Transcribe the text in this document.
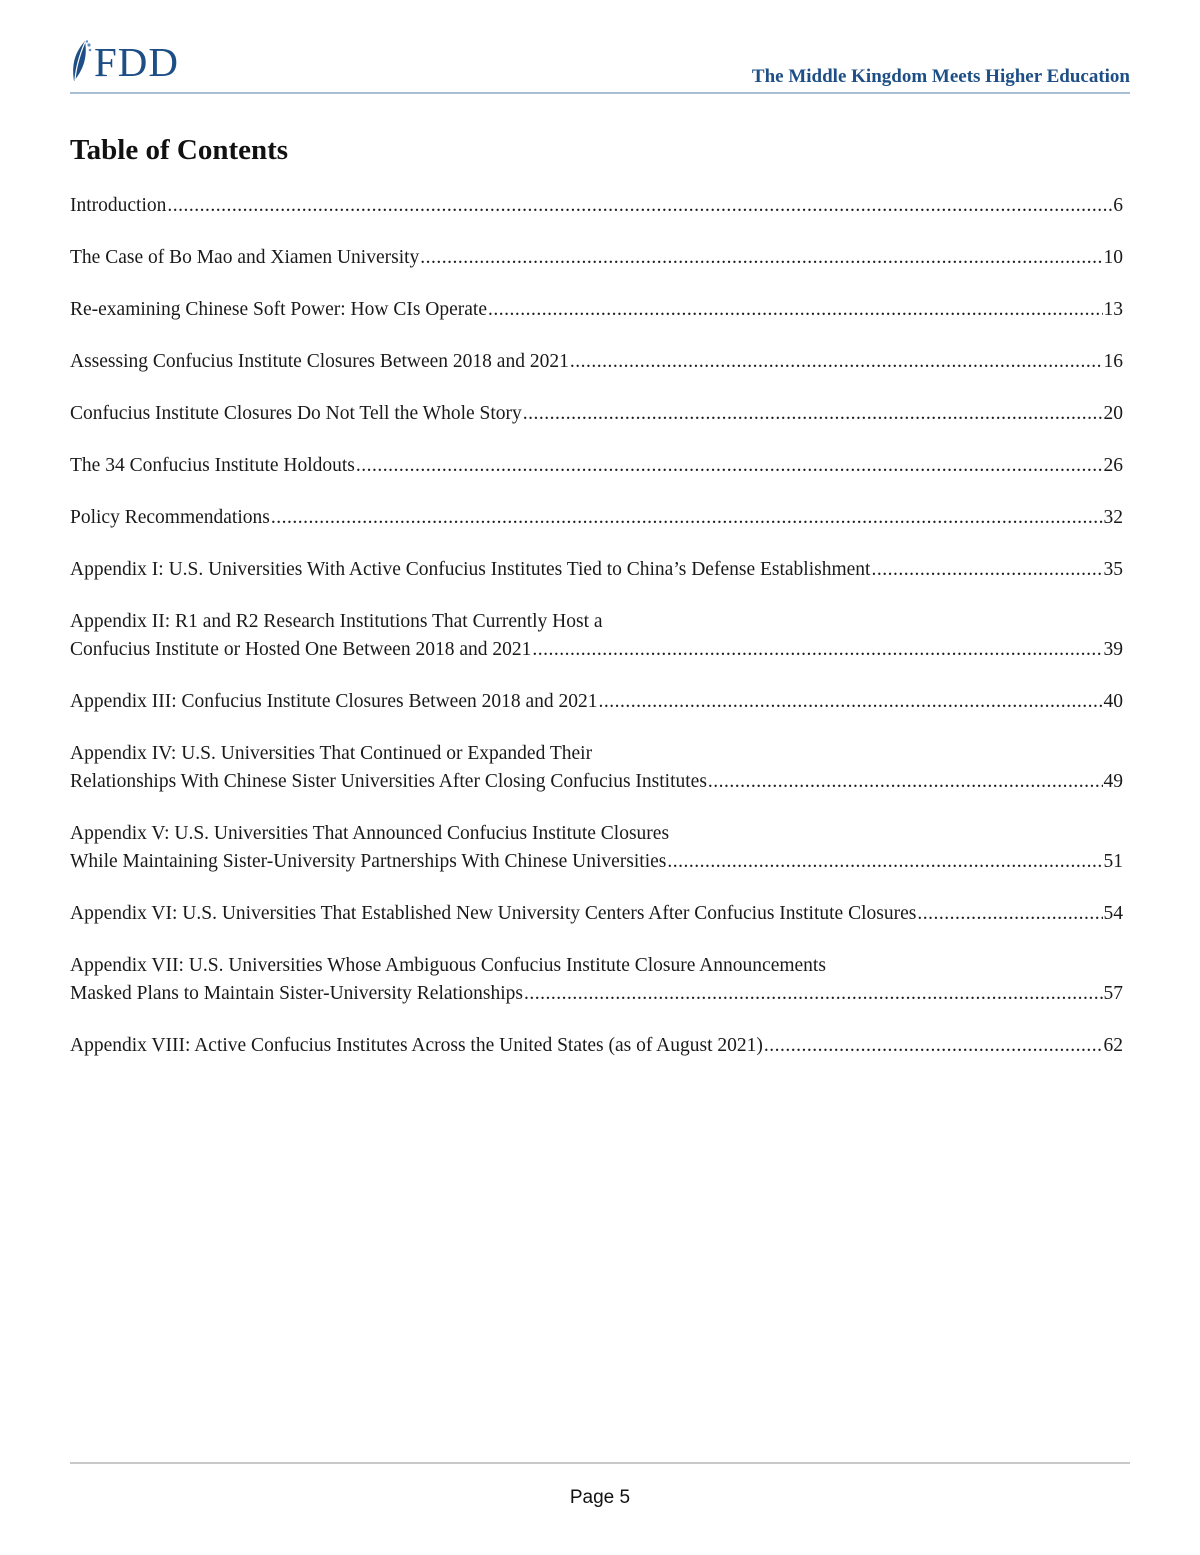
FDD	The Middle Kingdom Meets Higher Education
Table of Contents
Introduction .....	6
The Case of Bo Mao and Xiamen University .....	10
Re-examining Chinese Soft Power: How CIs Operate .....	13
Assessing Confucius Institute Closures Between 2018 and 2021 .....	16
Confucius Institute Closures Do Not Tell the Whole Story .....	20
The 34 Confucius Institute Holdouts .....	26
Policy Recommendations .....	32
Appendix I: U.S. Universities With Active Confucius Institutes Tied to China’s Defense Establishment .....	35
Appendix II: R1 and R2 Research Institutions That Currently Host a
Confucius Institute or Hosted One Between 2018 and 2021 .....	39
Appendix III: Confucius Institute Closures Between 2018 and 2021 .....	40
Appendix IV: U.S. Universities That Continued or Expanded Their
Relationships With Chinese Sister Universities After Closing Confucius Institutes .....	49
Appendix V: U.S. Universities That Announced Confucius Institute Closures
While Maintaining Sister-University Partnerships With Chinese Universities .....	51
Appendix VI: U.S. Universities That Established New University Centers After Confucius Institute Closures .....	54
Appendix VII: U.S. Universities Whose Ambiguous Confucius Institute Closure Announcements
Masked Plans to Maintain Sister-University Relationships .....	57
Appendix VIII: Active Confucius Institutes Across the United States (as of August 2021) .....	62
Page 5
